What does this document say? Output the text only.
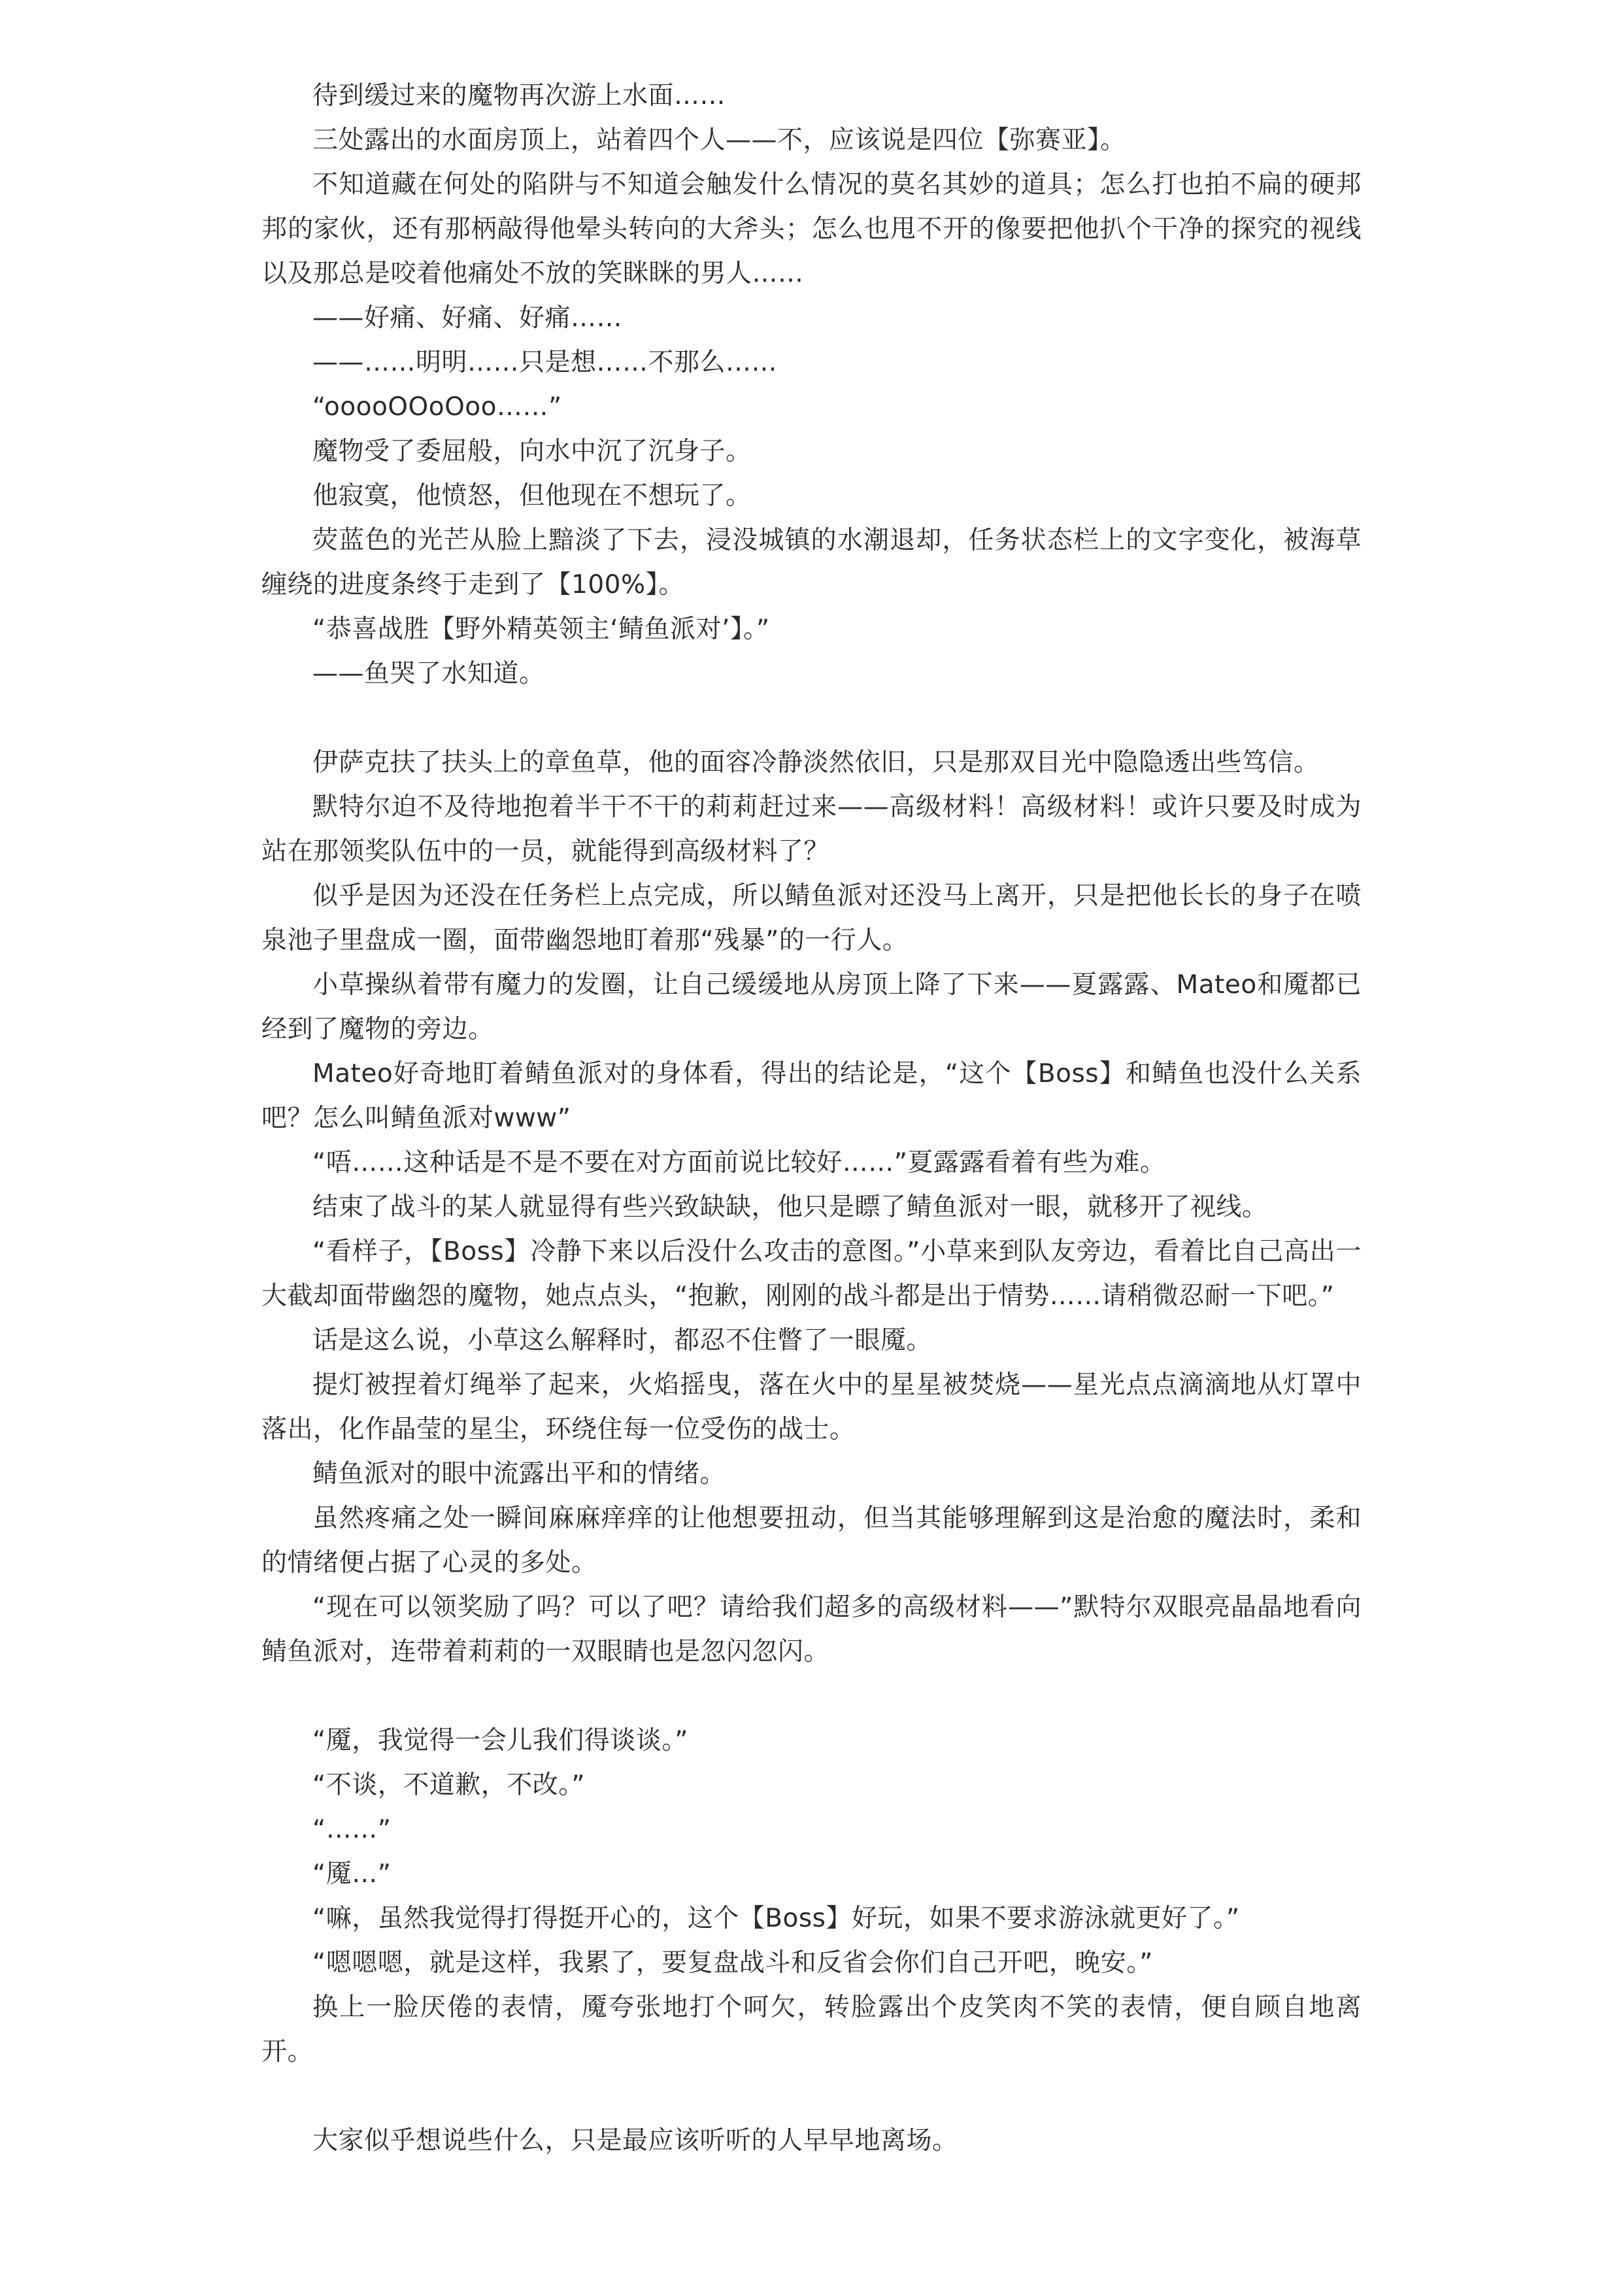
待到缓过来的魔物再次游上水面……

三处露出的水面房顶上，站着四个人——不，应该说是四位【弥赛亚】。

不知道藏在何处的陷阱与不知道会触发什么情况的莫名其妙的道具；怎么打也拍不扁的硬邦邦的家伙，还有那柄敲得他晕头转向的大斧头；怎么也甩不开的像要把他扒个干净的探究的视线以及那总是咬着他痛处不放的笑眯眯的男人……

——好痛、好痛、好痛……

——……明明……只是想……不那么……

“ooooOOoOoo……”

魔物受了委屈般，向水中沉了沉身子。

他寂寞，他愤怒，但他现在不想玩了。

荧蓝色的光芒从脸上黯淡了下去，浸没城镇的水潮退却，任务状态栏上的文字变化，被海草缠绕的进度条终于走到了【100%】。

“恭喜战胜【野外精英领主‘鲭鱼派对’】。”

——鱼哭了水知道。

伊萨克扶了扶头上的章鱼草，他的面容冷静淡然依旧，只是那双目光中隐隐透出些笃信。

默特尔迫不及待地抱着半干不干的莉莉赶过来——高级材料！高级材料！或许只要及时成为站在那领奖队伍中的一员，就能得到高级材料了？

似乎是因为还没在任务栏上点完成，所以鲭鱼派对还没马上离开，只是把他长长的身子在喷泉池子里盘成一圈，面带幽怨地盯着那“残暴”的一行人。

小草操纵着带有魔力的发圈，让自己缓缓地从房顶上降了下来——夏露露、Mateo和魇都已经到了魔物的旁边。

Mateo好奇地盯着鲭鱼派对的身体看，得出的结论是，“这个【Boss】和鲭鱼也没什么关系吧？怎么叫鲭鱼派对www”

“唔……这种话是不是不要在对方面前说比较好……”夏露露看着有些为难。

结束了战斗的某人就显得有些兴致缺缺，他只是瞟了鲭鱼派对一眼，就移开了视线。

“看样子，【Boss】冷静下来以后没什么攻击的意图。”小草来到队友旁边，看着比自己高出一大截却面带幽怨的魔物，她点点头，“抱歉，刚刚的战斗都是出于情势……请稍微忍耐一下吧。”

话是这么说，小草这么解释时，都忍不住瞥了一眼魇。

提灯被捏着灯绳举了起来，火焰摇曳，落在火中的星星被焚烧——星光点点滴滴地从灯罩中落出，化作晶莹的星尘，环绕住每一位受伤的战士。

鲭鱼派对的眼中流露出平和的情绪。

虽然疼痛之处一瞬间麻麻痒痒的让他想要扭动，但当其能够理解到这是治愈的魔法时，柔和的情绪便占据了心灵的多处。

“现在可以领奖励了吗？可以了吧？请给我们超多的高级材料——”默特尔双眼亮晶晶地看向鲭鱼派对，连带着莉莉的一双眼睛也是忽闪忽闪。

“魇，我觉得一会儿我们得谈谈。”

“不谈，不道歉，不改。”

“……”

“魇…”

“嘛，虽然我觉得打得挺开心的，这个【Boss】好玩，如果不要求游泳就更好了。”

“嗯嗯嗯，就是这样，我累了，要复盘战斗和反省会你们自己开吧，晚安。”

换上一脸厌倦的表情，魇夸张地打个呵欠，转脸露出个皮笑肉不笑的表情，便自顾自地离开。

大家似乎想说些什么，只是最应该听听的人早早地离场。
